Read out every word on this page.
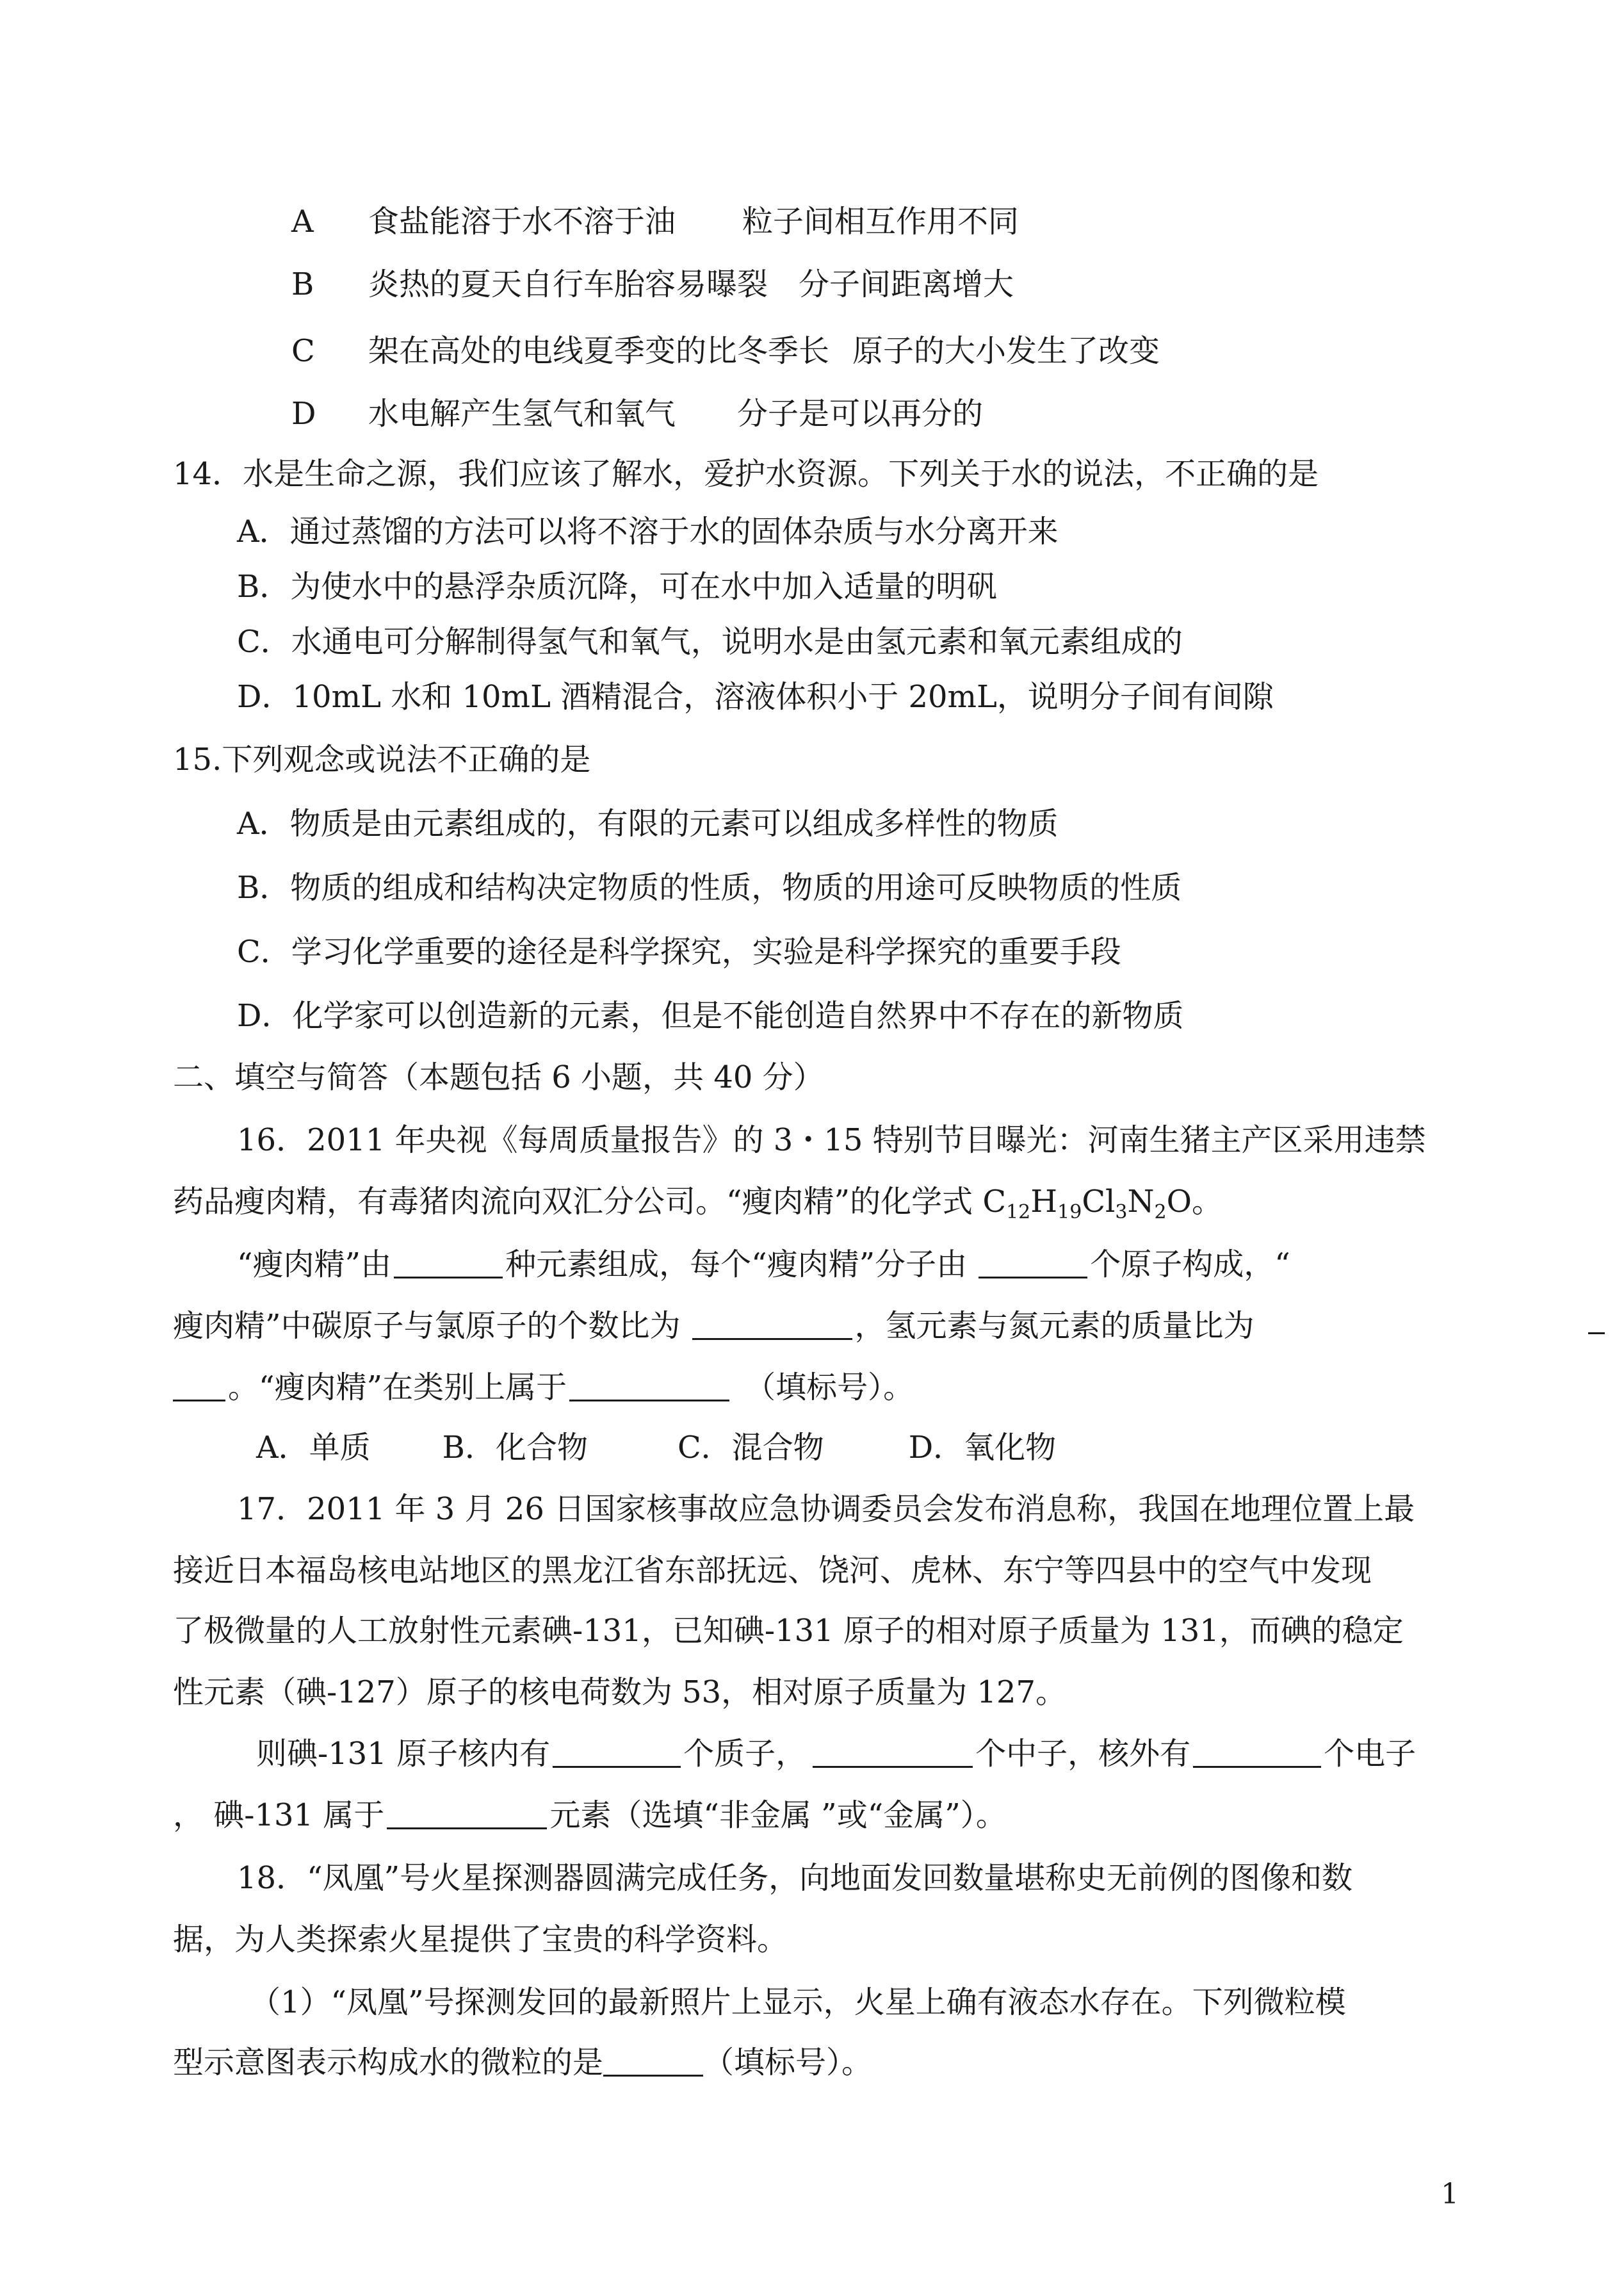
A 食盐能溶于水不溶于油 粒子间相互作用不同
B 炎热的夏天自行车胎容易曝裂 分子间距离增大
C 架在高处的电线夏季变的比冬季长 原子的大小发生了改变
D 水电解产生氢气和氧气 分子是可以再分的
14．水是生命之源，我们应该了解水，爱护水资源。下列关于水的说法，不正确的是
A．通过蒸馏的方法可以将不溶于水的固体杂质与水分离开来
B．为使水中的悬浮杂质沉降，可在水中加入适量的明矾
C．水通电可分解制得氢气和氧气，说明水是由氢元素和氧元素组成的
D．10mL 水和 10mL 酒精混合，溶液体积小于 20mL，说明分子间有间隙
15.下列观念或说法不正确的是
A．物质是由元素组成的，有限的元素可以组成多样性的物质
B．物质的组成和结构决定物质的性质，物质的用途可反映物质的性质
C．学习化学重要的途径是科学探究，实验是科学探究的重要手段
D．化学家可以创造新的元素，但是不能创造自然界中不存在的新物质
二、填空与简答（本题包括 6 小题，共 40 分）
16．2011 年央视《每周质量报告》的 3・15 特别节目曝光：河南生猪主产区采用违禁
药品瘦肉精，有毒猪肉流向双汇分公司。“瘦肉精”的化学式 $C_{12}H_{19}Cl_3N_2O$。
“瘦肉精”由	种元素组成，每个“瘦肉精”分子由	个原子构成，“
瘦肉精”中碳原子与氯原子的个数比为	，氢元素与氮元素的质量比为
。“瘦肉精”在类别上属于	（填标号）。
A．单质 B．化合物	C．混合物	D．氧化物
17．2011 年 3 月 26 日国家核事故应急协调委员会发布消息称，我国在地理位置上最
接近日本福岛核电站地区的黑龙江省东部抚远、饶河、虎林、东宁等四县中的空气中发现
了极微量的人工放射性元素碘-131，已知碘-131 原子的相对原子质量为 131，而碘的稳定
性元素（碘-127）原子的核电荷数为 53，相对原子质量为 127。
则碘-131 原子核内有	个质子，	个中子，核外有	个电子
， 碘-131 属于	元素（选填“非金属 ”或“金属”）。
18．“凤凰”号火星探测器圆满完成任务，向地面发回数量堪称史无前例的图像和数
据，为人类探索火星提供了宝贵的科学资料。
（1）“凤凰”号探测发回的最新照片上显示，火星上确有液态水存在。下列微粒模
型示意图表示构成水的微粒的是	（填标号）。
1
